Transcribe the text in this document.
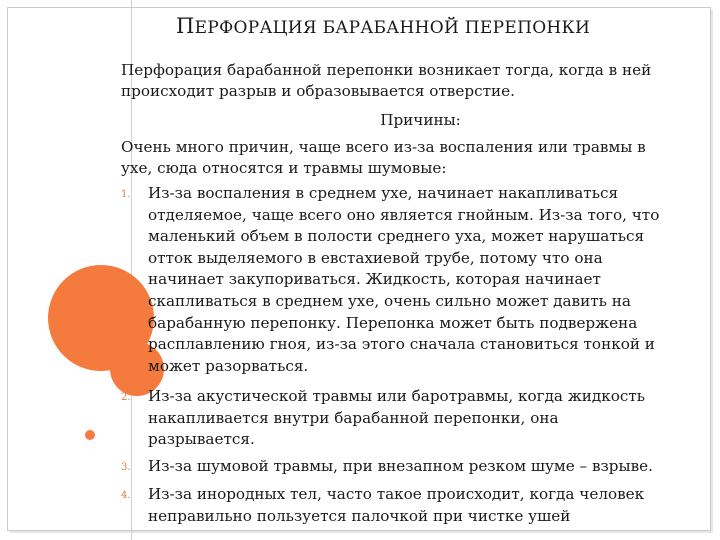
ПЕРФОРАЦИЯ БАРАБАННОЙ ПЕРЕПОНКИ
Перфорация барабанной перепонки возникает тогда, когда в ней
происходит разрыв и образовывается отверстие.
Причины:
Очень много причин, чаще всего из-за воспаления или травмы в
ухе, сюда относятся и травмы шумовые:
1. Из-за воспаления в среднем ухе, начинает накапливаться
отделяемое, чаще всего оно является гнойным. Из-за того, что
маленький объем в полости среднего уха, может нарушаться
отток выделяемого в евстахиевой трубе, потому что она
начинает закупориваться. Жидкость, которая начинает
скапливаться в среднем ухе, очень сильно может давить на
барабанную перепонку. Перепонка может быть подвержена
расплавлению гноя, из-за этого сначала становиться тонкой и
может разорваться.
2. Из-за акустической травмы или баротравмы, когда жидкость
накапливается внутри барабанной перепонки, она
разрывается.
3. Из-за шумовой травмы, при внезапном резком шуме – взрыве.
4. Из-за инородных тел, часто такое происходит, когда человек
неправильно пользуется палочкой при чистке ушей
